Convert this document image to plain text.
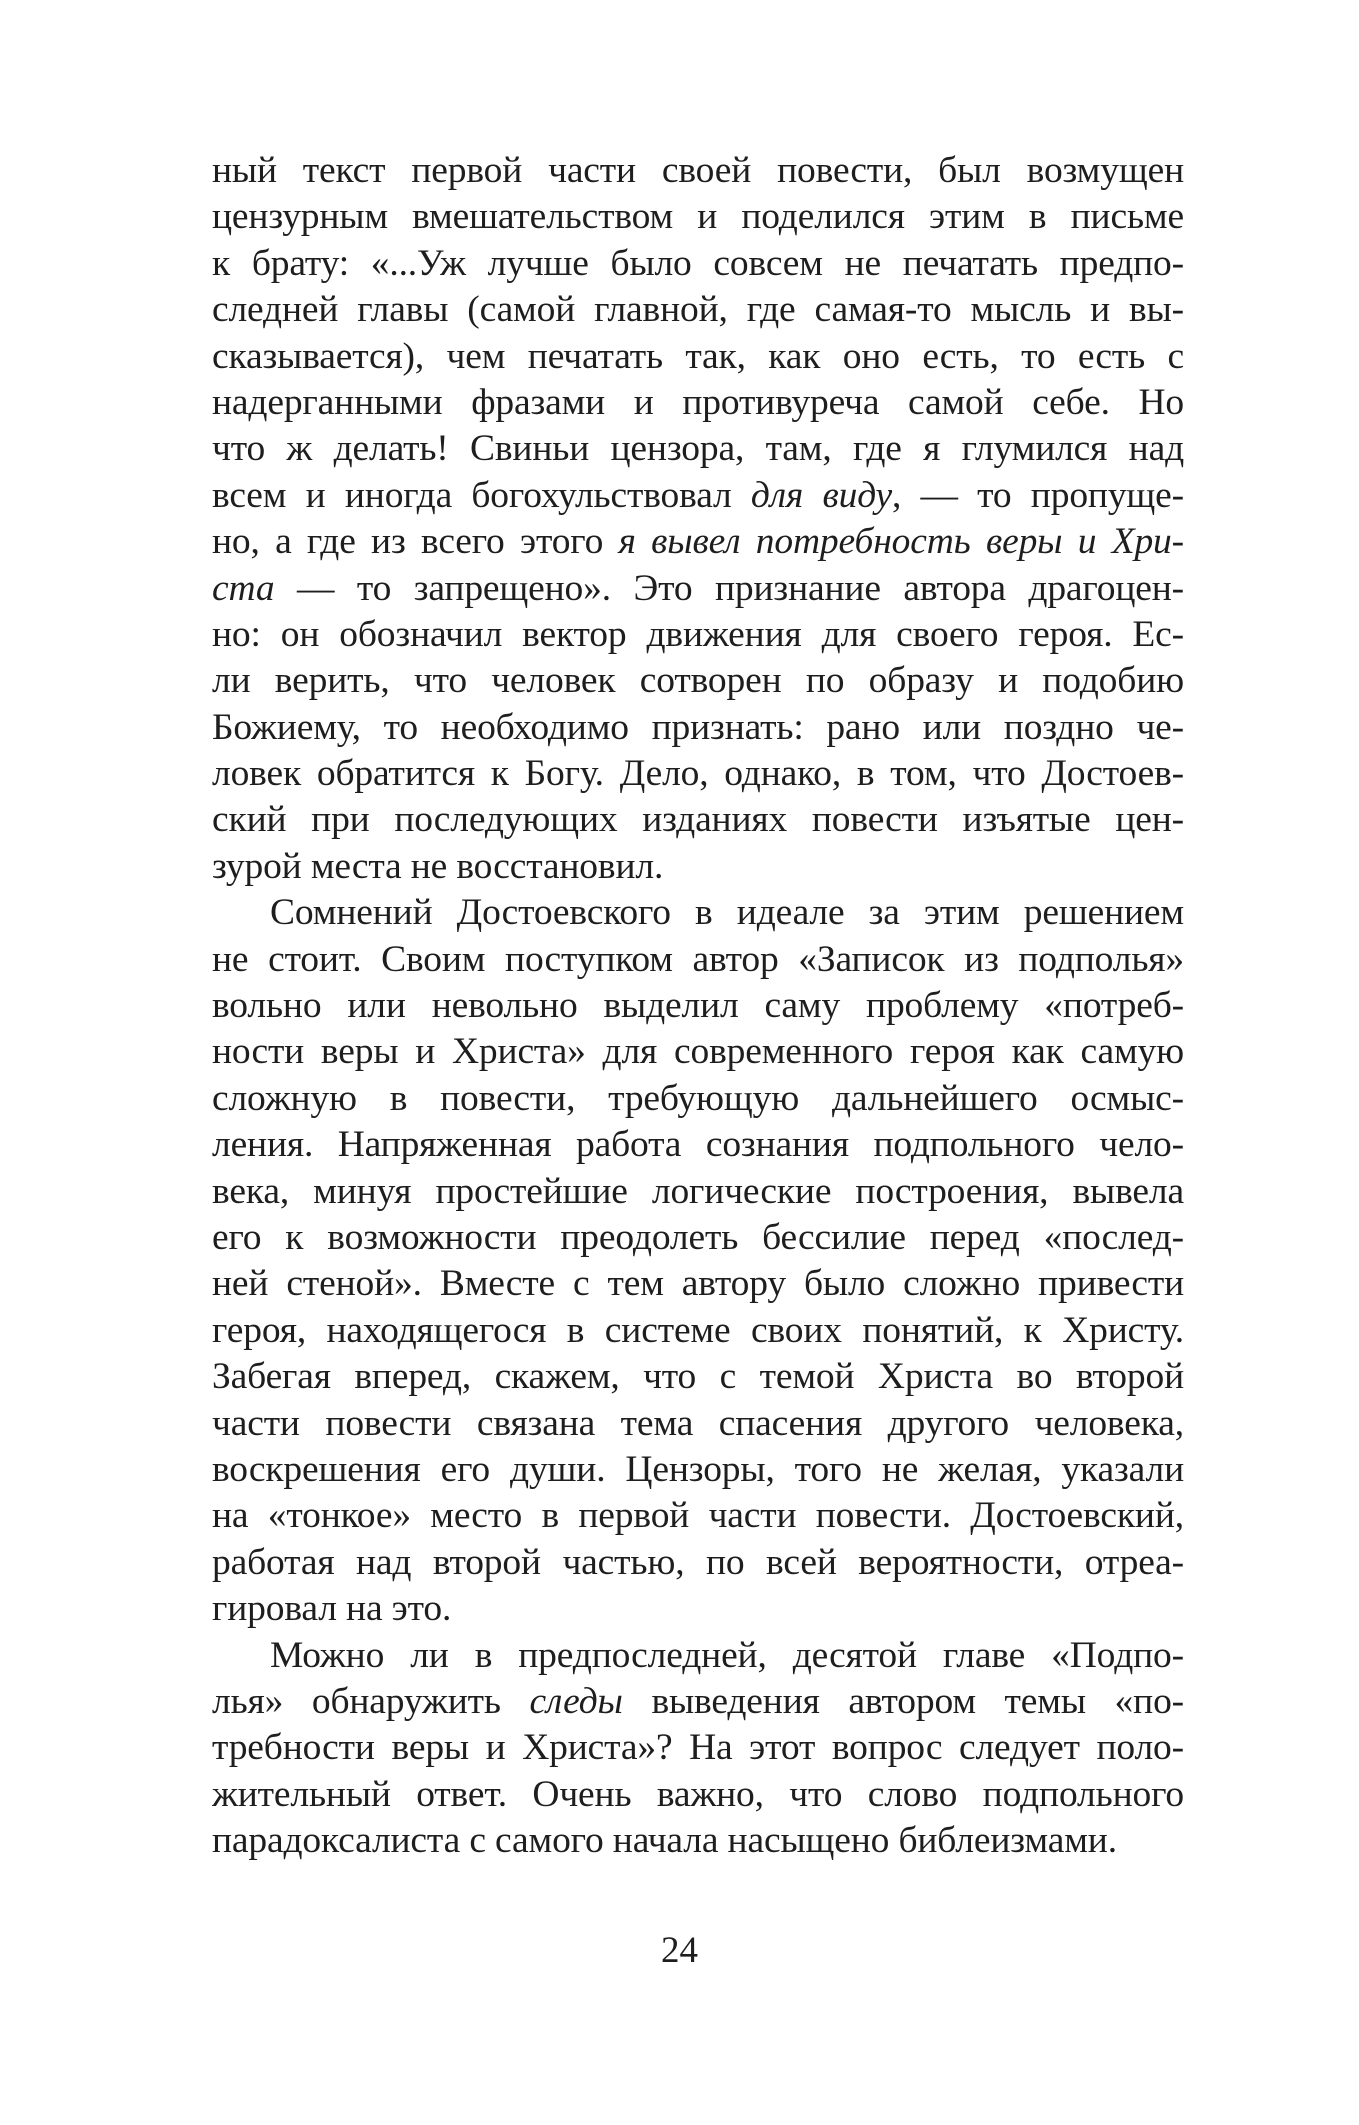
ный текст первой части своей повести, был возмущен
цензурным вмешательством и поделился этим в письме
к брату: «...Уж лучше было совсем не печатать предпо-
следней главы (самой главной, где самая-то мысль и вы-
сказывается), чем печатать так, как оно есть, то есть с
надерганными фразами и противуреча самой себе. Но
что ж делать! Свиньи цензора, там, где я глумился над
всем и иногда богохульствовал для виду, — то пропуще-
но, а где из всего этого я вывел потребность веры и Хри-
ста — то запрещено». Это признание автора драгоцен-
но: он обозначил вектор движения для своего героя. Ес-
ли верить, что человек сотворен по образу и подобию
Божиему, то необходимо признать: рано или поздно че-
ловек обратится к Богу. Дело, однако, в том, что Достоев-
ский при последующих изданиях повести изъятые цен-
зурой места не восстановил.
Сомнений Достоевского в идеале за этим решением
не стоит. Своим поступком автор «Записок из подполья»
вольно или невольно выделил саму проблему «потреб-
ности веры и Христа» для современного героя как самую
сложную в повести, требующую дальнейшего осмыс-
ления. Напряженная работа сознания подпольного чело-
века, минуя простейшие логические построения, вывела
его к возможности преодолеть бессилие перед «послед-
ней стеной». Вместе с тем автору было сложно привести
героя, находящегося в системе своих понятий, к Христу.
Забегая вперед, скажем, что с темой Христа во второй
части повести связана тема спасения другого человека,
воскрешения его души. Цензоры, того не желая, указали
на «тонкое» место в первой части повести. Достоевский,
работая над второй частью, по всей вероятности, отреа-
гировал на это.
Можно ли в предпоследней, десятой главе «Подпо-
лья» обнаружить следы выведения автором темы «по-
требности веры и Христа»? На этот вопрос следует поло-
жительный ответ. Очень важно, что слово подпольного
парадоксалиста с самого начала насыщено библеизмами.
24
